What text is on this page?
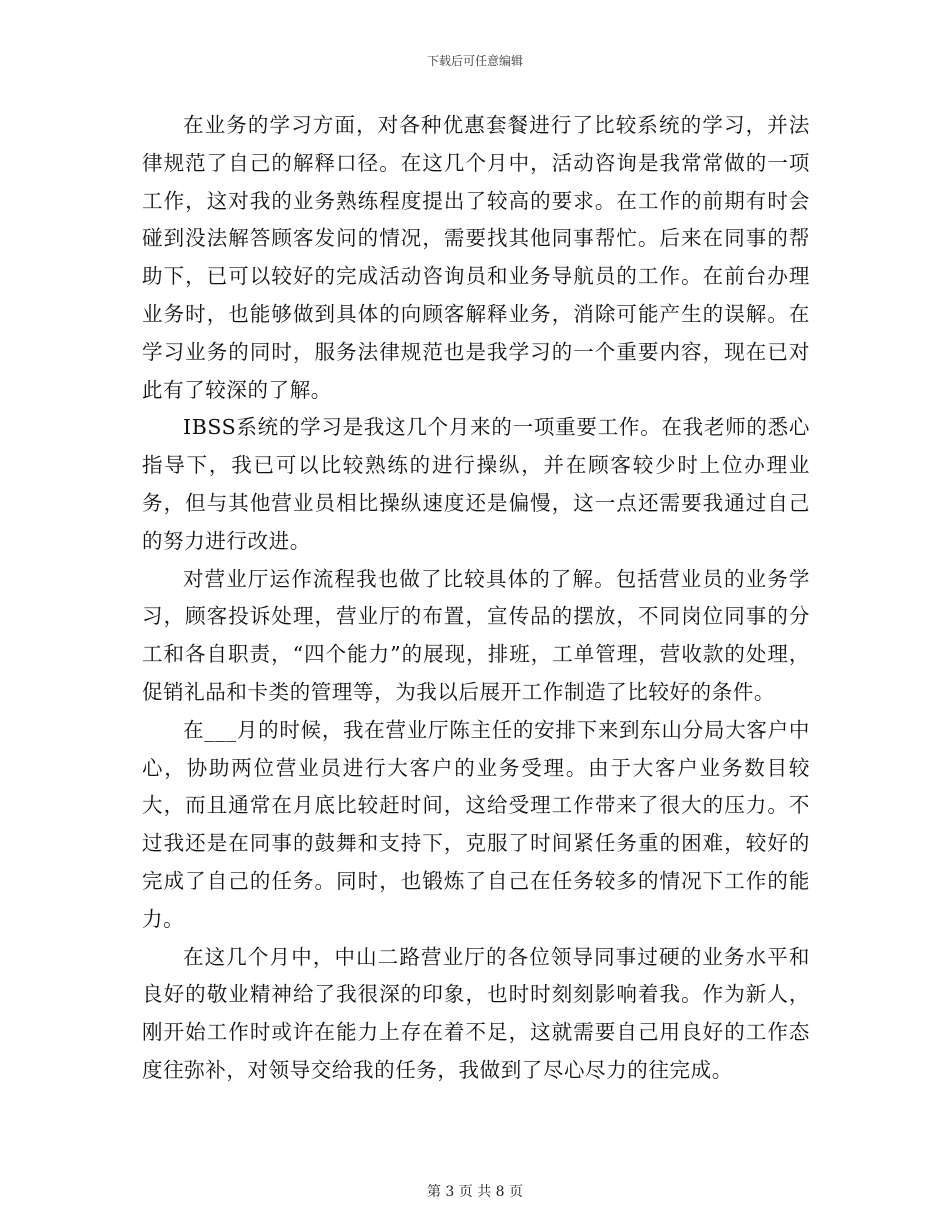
下载后可任意编辑

在业务的学习方面，对各种优惠套餐进行了比较系统的学习，并法律规范了自己的解释口径。在这几个月中，活动咨询是我常常做的一项工作，这对我的业务熟练程度提出了较高的要求。在工作的前期有时会碰到没法解答顾客发问的情况，需要找其他同事帮忙。后来在同事的帮助下，已可以较好的完成活动咨询员和业务导航员的工作。在前台办理业务时，也能够做到具体的向顾客解释业务，消除可能产生的误解。在学习业务的同时，服务法律规范也是我学习的一个重要内容，现在已对此有了较深的了解。

IBSS系统的学习是我这几个月来的一项重要工作。在我老师的悉心指导下，我已可以比较熟练的进行操纵，并在顾客较少时上位办理业务，但与其他营业员相比操纵速度还是偏慢，这一点还需要我通过自己的努力进行改进。

对营业厅运作流程我也做了比较具体的了解。包括营业员的业务学习，顾客投诉处理，营业厅的布置，宣传品的摆放，不同岗位同事的分工和各自职责，“四个能力”的展现，排班，工单管理，营收款的处理，促销礼品和卡类的管理等，为我以后展开工作制造了比较好的条件。

在___月的时候，我在营业厅陈主任的安排下来到东山分局大客户中心，协助两位营业员进行大客户的业务受理。由于大客户业务数目较大，而且通常在月底比较赶时间，这给受理工作带来了很大的压力。不过我还是在同事的鼓舞和支持下，克服了时间紧任务重的困难，较好的完成了自己的任务。同时，也锻炼了自己在任务较多的情况下工作的能力。

在这几个月中，中山二路营业厅的各位领导同事过硬的业务水平和良好的敬业精神给了我很深的印象，也时时刻刻影响着我。作为新人，刚开始工作时或许在能力上存在着不足，这就需要自己用良好的工作态度往弥补，对领导交给我的任务，我做到了尽心尽力的往完成。

第 3 页 共 8 页
